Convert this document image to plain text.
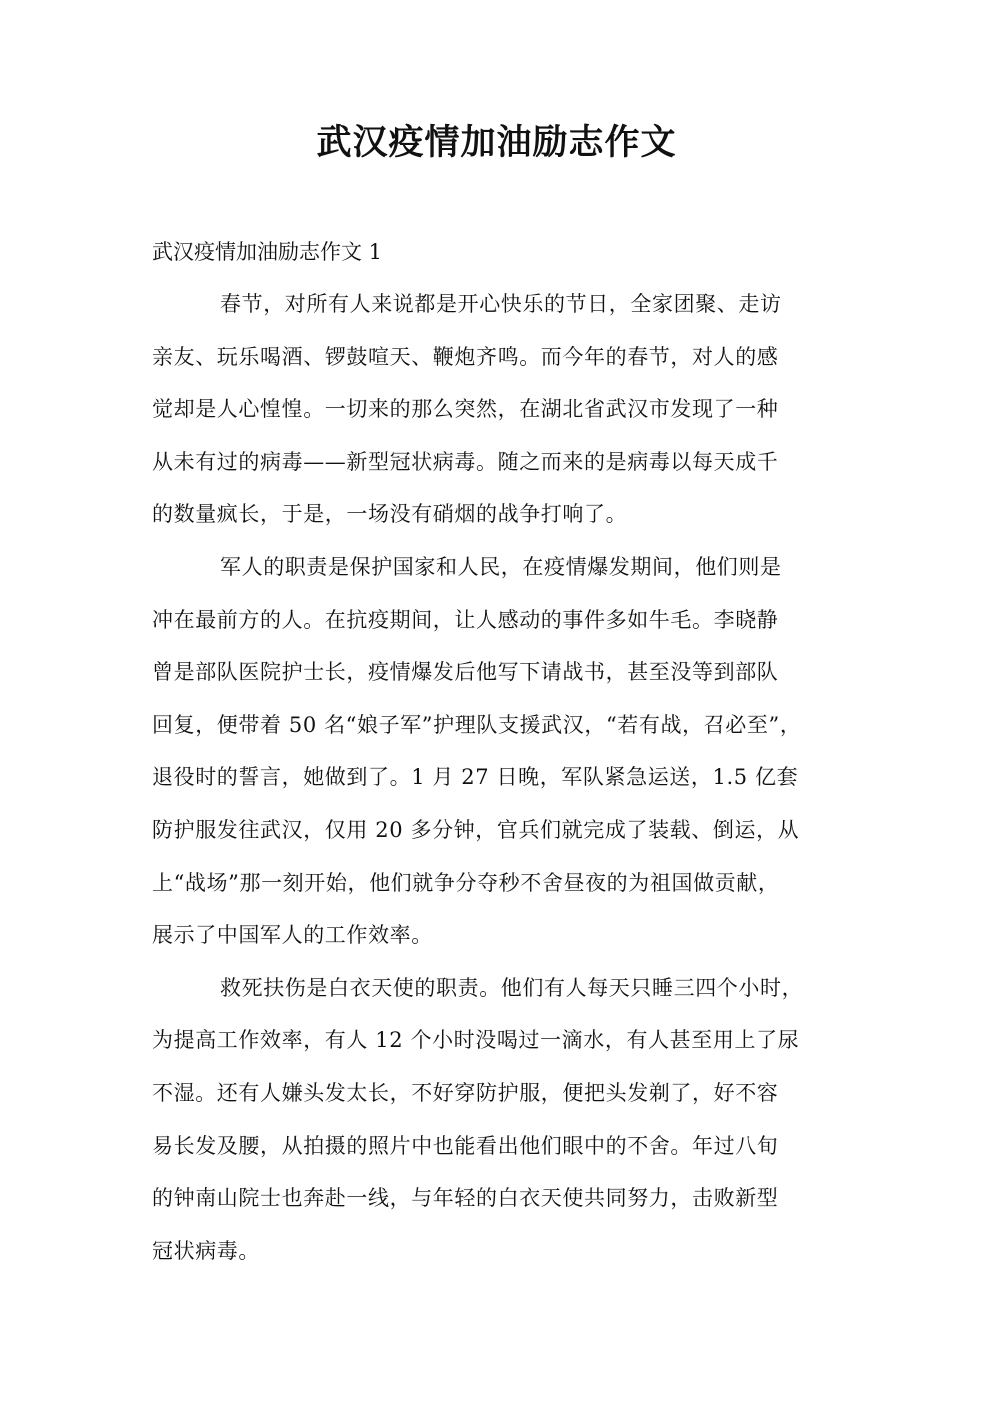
武汉疫情加油励志作文
武汉疫情加油励志作文 1
春节，对所有人来说都是开心快乐的节日，全家团聚、走访
亲友、玩乐喝酒、锣鼓喧天、鞭炮齐鸣。而今年的春节，对人的感
觉却是人心惶惶。一切来的那么突然，在湖北省武汉市发现了一种
从未有过的病毒——新型冠状病毒。随之而来的是病毒以每天成千
的数量疯长，于是，一场没有硝烟的战争打响了。
军人的职责是保护国家和人民，在疫情爆发期间，他们则是
冲在最前方的人。在抗疫期间，让人感动的事件多如牛毛。李晓静
曾是部队医院护士长，疫情爆发后他写下请战书，甚至没等到部队
回复，便带着 50 名“娘子军”护理队支援武汉，“若有战，召必至”，
退役时的誓言，她做到了。1 月 27 日晚，军队紧急运送，1.5 亿套
防护服发往武汉，仅用 20 多分钟，官兵们就完成了装载、倒运，从
上“战场”那一刻开始，他们就争分夺秒不舍昼夜的为祖国做贡献，
展示了中国军人的工作效率。
救死扶伤是白衣天使的职责。他们有人每天只睡三四个小时，
为提高工作效率，有人 12 个小时没喝过一滴水，有人甚至用上了尿
不湿。还有人嫌头发太长，不好穿防护服，便把头发剃了，好不容
易长发及腰，从拍摄的照片中也能看出他们眼中的不舍。年过八旬
的钟南山院士也奔赴一线，与年轻的白衣天使共同努力，击败新型
冠状病毒。
